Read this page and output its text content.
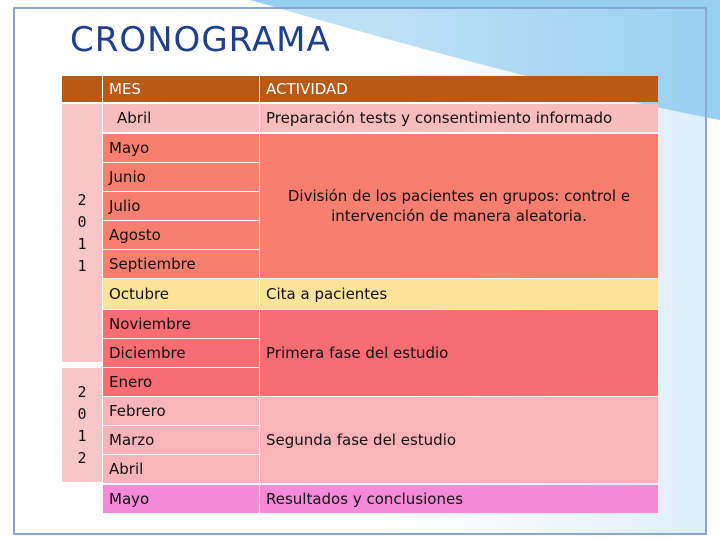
CRONOGRAMA
MES	ACTIVIDAD
2
0
1
1
2
0
1
2
Abril
Mayo
Junio
Julio
Agosto
Septiembre
Octubre
Noviembre
Diciembre
Enero
Febrero
Marzo
Abril
Mayo
Preparación tests y consentimiento informado
División de los pacientes en grupos: control e intervención de manera aleatoria.
Cita a pacientes
Primera fase del estudio
Segunda fase del estudio
Resultados y conclusiones
